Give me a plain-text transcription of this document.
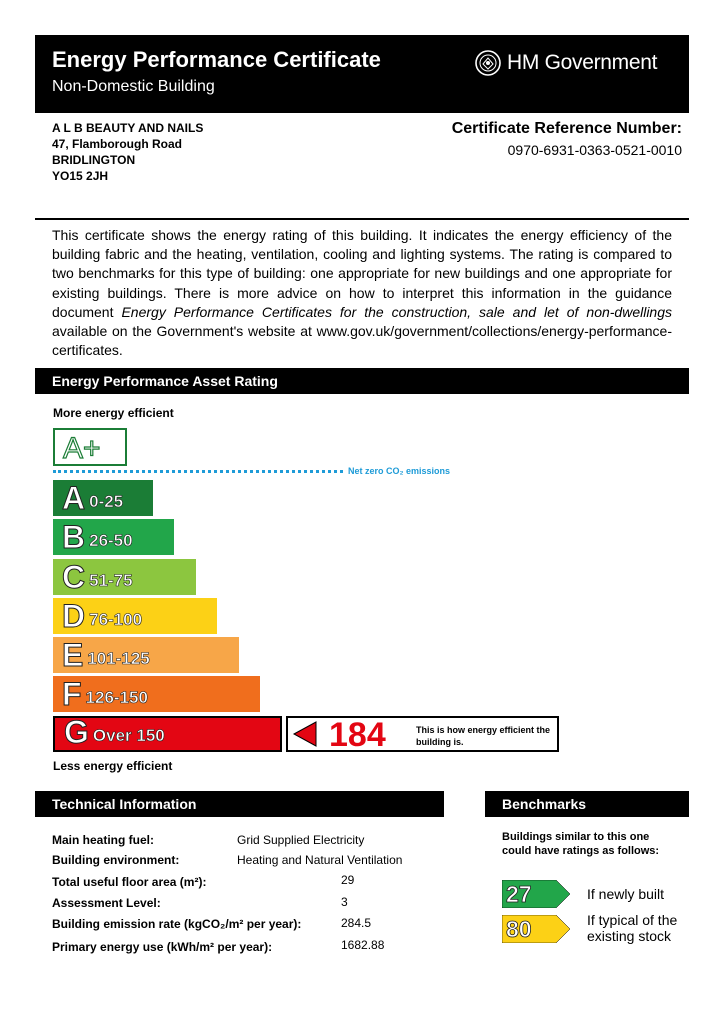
Energy Performance Certificate
Non-Domestic Building
HM Government
A L B BEAUTY AND NAILS
47, Flamborough Road
BRIDLINGTON
YO15 2JH
Certificate Reference Number:
0970-6931-0363-0521-0010
This certificate shows the energy rating of this building. It indicates the energy efficiency of the building fabric and the heating, ventilation, cooling and lighting systems. The rating is compared to two benchmarks for this type of building: one appropriate for new buildings and one appropriate for existing buildings. There is more advice on how to interpret this information in the guidance document Energy Performance Certificates for the construction, sale and let of non-dwellings available on the Government's website at www.gov.uk/government/collections/energy-performance-certificates.
Energy Performance Asset Rating
More energy efficient
A+
Net zero CO₂ emissions
A 0-25
B 26-50
C 51-75
D 76-100
E 101-125
F 126-150
G Over 150	184	This is how energy efficient the building is.
Less energy efficient
Technical Information
Main heating fuel:	Grid Supplied Electricity
Building environment:	Heating and Natural Ventilation
Total useful floor area (m²):	29
Assessment Level:	3
Building emission rate (kgCO₂/m² per year):	284.5
Primary energy use (kWh/m² per year):	1682.88
Benchmarks
Buildings similar to this one could have ratings as follows:
27	If newly built
80	If typical of the existing stock
